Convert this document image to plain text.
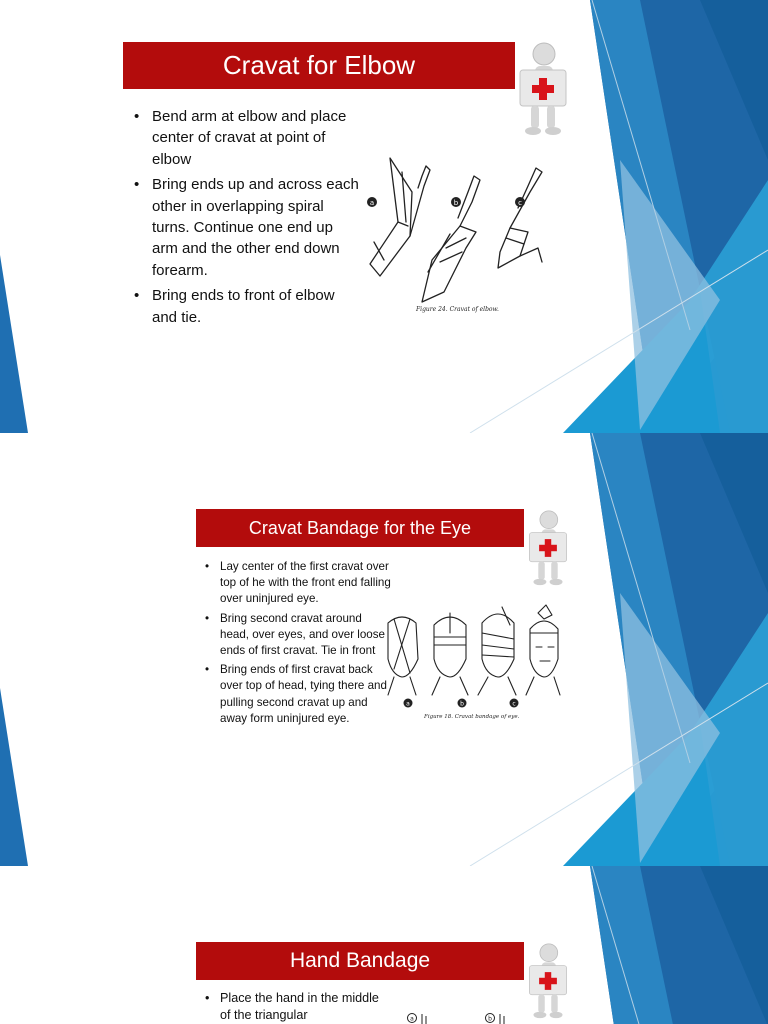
Cravat for Elbow
• Bend arm at elbow and place center of cravat at point of elbow
• Bring ends up and across each other in overlapping spiral turns. Continue one end up arm and the other end down forearm.
• Bring ends to front of elbow and tie.
a	b	c
Figure 24. Cravat of elbow.
Cravat Bandage for the Eye
• Lay center of the first cravat over top of he with the front end falling over uninjured eye.
• Bring second cravat around head, over eyes, and over loose ends of first cravat. Tie in front
• Bring ends of first cravat back over top of head, tying there and pulling second cravat up and away form uninjured eye.
a	b	c
Figure 18. Cravat bandage of eye.
Hand Bandage
• Place the hand in the middle of the triangular	a	b
